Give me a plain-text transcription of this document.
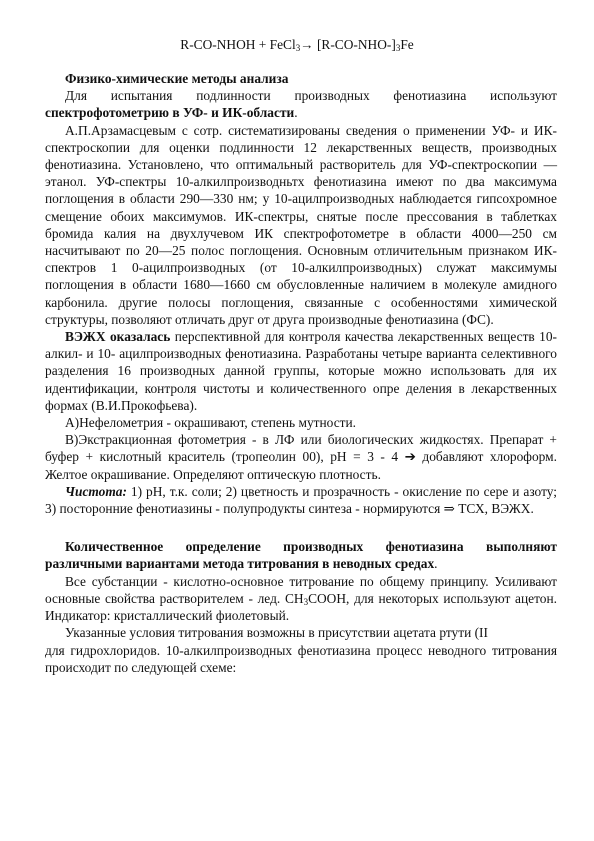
R-CO-NHOH + FeCl$_3$→ $[R-CO-NHO-]_3Fe$

Физико-химические методы анализа

Для испытания подлинности производных фенотиазина используют спектрофотометрию в УФ- и ИК-области.

А.П.Арзамасцевым с сотр. систематизированы сведения о применении УФ- и ИК-спектроскопии для оценки подлинности 12 лекарственных веществ, производных фенотиазина. Установлено, что оптимальный растворитель для УФ-спектроскопии — этанол. УФ-спектры 10-алкилпроизводньтх фенотиазина имеют по два максимума поглощения в области 290—330 нм; у 10-ацилпроизводных наблюдается гипсохромное смещение обоих максимумов. ИК-спектры, снятые после прессования в таблетках бромида калия на двухлучевом ИК спектрофотометре в области 4000—250 см насчитывают по 20—25 полос поглощения. Основным отличительным признаком ИК-спектров 1 0-ацилпроизводных (от 10-алкилпроизводных) служат максимумы поглощения в области 1680—1660 см обусловленные наличием в молекуле амидного карбонила. другие полосы поглощения, связанные с особенностями химической структуры, позволяют отличать друг от друга производные фенотиазина (ФС).

ВЭЖХ оказалась перспективной для контроля качества лекарственных веществ 10-алкил- и 10- ацилпроизводных фенотиазина. Разработаны четыре варианта селективного разделения 16 производных данной группы, которые можно использовать для их идентификации, контроля чистоты и количественного опре деления в лекарственных формах (В.И.Прокофьева).

А)Нефелометрия - окрашивают, степень мутности.

В)Экстракционная фотометрия - в ЛФ или биологических жидкостях. Препарат + буфер + кислотный краситель (тропеолин 00), рН = 3 - 4 ➔ добавляют хлороформ. Желтое окрашивание. Определяют оптическую плотность.

Чистота: 1) рН, т.к. соли; 2) цветность и прозрачность - окисление по сере и азоту; 3) посторонние фенотиазины - полупродукты синтеза - нормируются ⇒ ТСХ, ВЭЖХ.

Количественное определение производных фенотиазина выполняют различными вариантами метода титрования в неводных средах.

Все субстанции - кислотно-основное титрование по общему принципу. Усиливают основные свойства растворителем - лед. $CH_3COOH$, для некоторых используют ацетон. Индикатор: кристаллический фиолетовый.

Указанные условия титрования возможны в присутствии ацетата ртути (II

для гидрохлоридов. 10-алкилпроизводных фенотиазина процесс неводного титрования происходит по следующей схеме:
